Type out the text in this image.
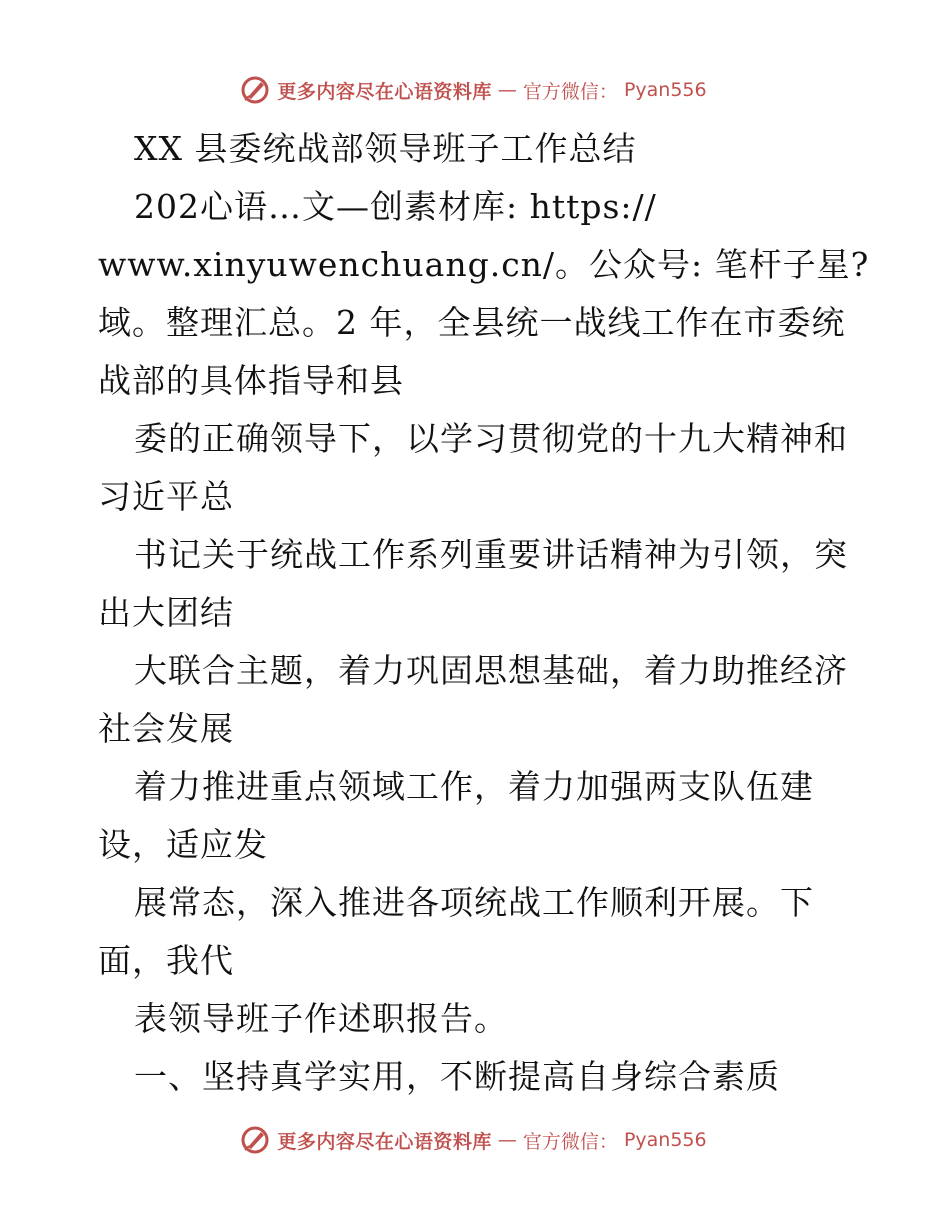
更多内容尽在心语资料库 — 官方微信： Pyan556
XX 县委统战部领导班子工作总结
202心语…文—创素材库: https://
www.xinyuwenchuang.cn/。公众号: 笔杆子星?
域。整理汇总。2 年，全县统一战线工作在市委统
战部的具体指导和县
委的正确领导下，以学习贯彻党的十九大精神和
习近平总
书记关于统战工作系列重要讲话精神为引领，突
出大团结
大联合主题，着力巩固思想基础，着力助推经济
社会发展
着力推进重点领域工作，着力加强两支队伍建
设，适应发
展常态，深入推进各项统战工作顺利开展。下
面，我代
表领导班子作述职报告。
一、坚持真学实用，不断提高自身综合素质
更多内容尽在心语资料库 — 官方微信： Pyan556
